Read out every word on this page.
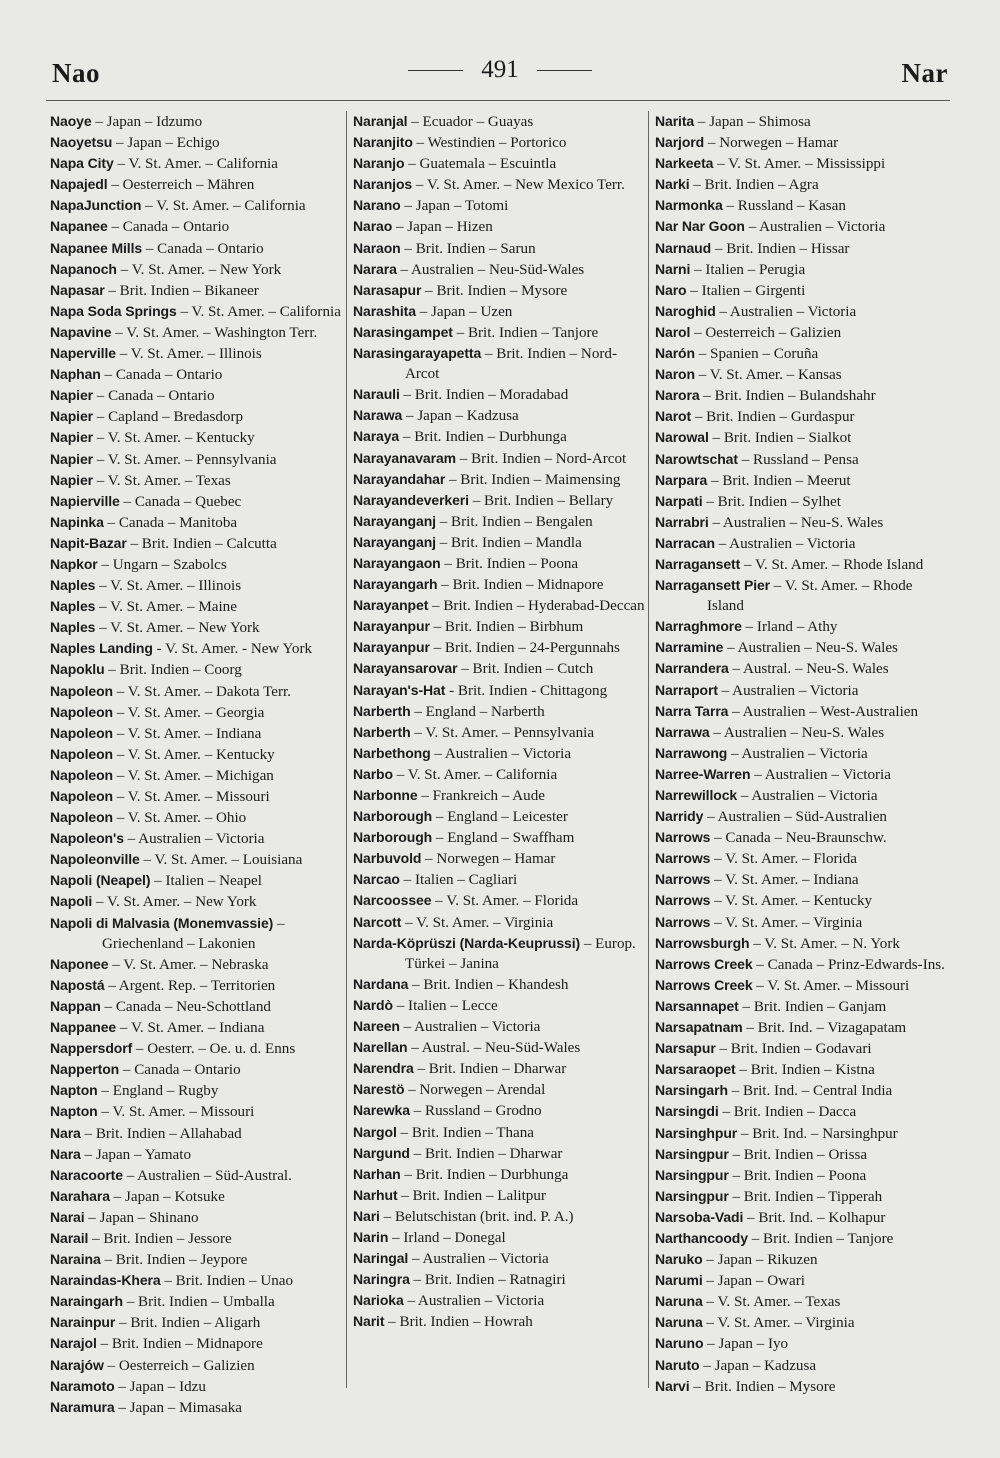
Nao	491	Nar
Naoye – Japan – Idzumo
Naoyetsu – Japan – Echigo
Napa City – V. St. Amer. – California
Napajedl – Oesterreich – Mähren
NapaJunction – V. St. Amer. – California
Napanee – Canada – Ontario
Napanee Mills – Canada – Ontario
Napanoch – V. St. Amer. – New York
Napasar – Brit. Indien – Bikaneer
Napa Soda Springs – V. St. Amer. – California
Napavine – V. St. Amer. – Washington Terr.
Naperville – V. St. Amer. – Illinois
Naphan – Canada – Ontario
Napier – Canada – Ontario
Napier – Capland – Bredasdorp
Napier – V. St. Amer. – Kentucky
Napier – V. St. Amer. – Pennsylvania
Napier – V. St. Amer. – Texas
Napierville – Canada – Quebec
Napinka – Canada – Manitoba
Napit-Bazar – Brit. Indien – Calcutta
Napkor – Ungarn – Szabolcs
Naples – V. St. Amer. – Illinois
Naples – V. St. Amer. – Maine
Naples – V. St. Amer. – New York
Naples Landing - V. St. Amer. - New York
Napoklu – Brit. Indien – Coorg
Napoleon – V. St. Amer. – Dakota Terr.
Napoleon – V. St. Amer. – Georgia
Napoleon – V. St. Amer. – Indiana
Napoleon – V. St. Amer. – Kentucky
Napoleon – V. St. Amer. – Michigan
Napoleon – V. St. Amer. – Missouri
Napoleon – V. St. Amer. – Ohio
Napoleon's – Australien – Victoria
Napoleonville – V. St. Amer. – Louisiana
Napoli (Neapel) – Italien – Neapel
Napoli – V. St. Amer. – New York
Napoli di Malvasia (Monemvassie) – Griechenland – Lakonien
Naponee – V. St. Amer. – Nebraska
Napostá – Argent. Rep. – Territorien
Nappan – Canada – Neu-Schottland
Nappanee – V. St. Amer. – Indiana
Nappersdorf – Oesterr. – Oe. u. d. Enns
Napperton – Canada – Ontario
Napton – England – Rugby
Napton – V. St. Amer. – Missouri
Nara – Brit. Indien – Allahabad
Nara – Japan – Yamato
Naracoorte – Australien – Süd-Austral.
Narahara – Japan – Kotsuke
Narai – Japan – Shinano
Narail – Brit. Indien – Jessore
Naraina – Brit. Indien – Jeypore
Naraindas-Khera – Brit. Indien – Unao
Naraingarh – Brit. Indien – Umballa
Narainpur – Brit. Indien – Aligarh
Narajol – Brit. Indien – Midnapore
Narajów – Oesterreich – Galizien
Naramoto – Japan – Idzu
Naramura – Japan – Mimasaka
Naranjal – Ecuador – Guayas
Naranjito – Westindien – Portorico
Naranjo – Guatemala – Escuintla
Naranjos – V. St. Amer. – New Mexico Terr.
Narano – Japan – Totomi
Narao – Japan – Hizen
Naraon – Brit. Indien – Sarun
Narara – Australien – Neu-Süd-Wales
Narasapur – Brit. Indien – Mysore
Narashita – Japan – Uzen
Narasingampet – Brit. Indien – Tanjore
Narasingarayapetta – Brit. Indien – Nord-Arcot
Narauli – Brit. Indien – Moradabad
Narawa – Japan – Kadzusa
Naraya – Brit. Indien – Durbhunga
Narayanavaram – Brit. Indien – Nord-Arcot
Narayandahar – Brit. Indien – Maimensing
Narayandeverkeri – Brit. Indien – Bellary
Narayanganj – Brit. Indien – Bengalen
Narayanganj – Brit. Indien – Mandla
Narayangaon – Brit. Indien – Poona
Narayangarh – Brit. Indien – Midnapore
Narayanpet – Brit. Indien – Hyderabad-Deccan
Narayanpur – Brit. Indien – Birbhum
Narayanpur – Brit. Indien – 24-Pergunnahs
Narayansarovar – Brit. Indien – Cutch
Narayan's-Hat - Brit. Indien - Chittagong
Narberth – England – Narberth
Narberth – V. St. Amer. – Pennsylvania
Narbethong – Australien – Victoria
Narbo – V. St. Amer. – California
Narbonne – Frankreich – Aude
Narborough – England – Leicester
Narborough – England – Swaffham
Narbuvold – Norwegen – Hamar
Narcao – Italien – Cagliari
Narcoossee – V. St. Amer. – Florida
Narcott – V. St. Amer. – Virginia
Narda-Köprüszi (Narda-Keuprussi) – Europ. Türkei – Janina
Nardana – Brit. Indien – Khandesh
Nardò – Italien – Lecce
Nareen – Australien – Victoria
Narellan – Austral. – Neu-Süd-Wales
Narendra – Brit. Indien – Dharwar
Narestö – Norwegen – Arendal
Narewka – Russland – Grodno
Nargol – Brit. Indien – Thana
Nargund – Brit. Indien – Dharwar
Narhan – Brit. Indien – Durbhunga
Narhut – Brit. Indien – Lalitpur
Nari – Belutschistan (brit. ind. P. A.)
Narin – Irland – Donegal
Naringal – Australien – Victoria
Naringra – Brit. Indien – Ratnagiri
Narioka – Australien – Victoria
Narit – Brit. Indien – Howrah
Narita – Japan – Shimosa
Narjord – Norwegen – Hamar
Narkeeta – V. St. Amer. – Mississippi
Narki – Brit. Indien – Agra
Narmonka – Russland – Kasan
Nar Nar Goon – Australien – Victoria
Narnaud – Brit. Indien – Hissar
Narni – Italien – Perugia
Naro – Italien – Girgenti
Naroghid – Australien – Victoria
Narol – Oesterreich – Galizien
Narón – Spanien – Coruña
Naron – V. St. Amer. – Kansas
Narora – Brit. Indien – Bulandshahr
Narot – Brit. Indien – Gurdaspur
Narowal – Brit. Indien – Sialkot
Narowtschat – Russland – Pensa
Narpara – Brit. Indien – Meerut
Narpati – Brit. Indien – Sylhet
Narrabri – Australien – Neu-S. Wales
Narracan – Australien – Victoria
Narragansett – V. St. Amer. – Rhode Island
Narragansett Pier – V. St. Amer. – Rhode Island
Narraghmore – Irland – Athy
Narramine – Australien – Neu-S. Wales
Narrandera – Austral. – Neu-S. Wales
Narraport – Australien – Victoria
Narra Tarra – Australien – West-Australien
Narrawa – Australien – Neu-S. Wales
Narrawong – Australien – Victoria
Narree-Warren – Australien – Victoria
Narrewillock – Australien – Victoria
Narridy – Australien – Süd-Australien
Narrows – Canada – Neu-Braunschw.
Narrows – V. St. Amer. – Florida
Narrows – V. St. Amer. – Indiana
Narrows – V. St. Amer. – Kentucky
Narrows – V. St. Amer. – Virginia
Narrowsburgh – V. St. Amer. – N. York
Narrows Creek – Canada – Prinz-Edwards-Ins.
Narrows Creek – V. St. Amer. – Missouri
Narsannapet – Brit. Indien – Ganjam
Narsapatnam – Brit. Ind. – Vizagapatam
Narsapur – Brit. Indien – Godavari
Narsaraopet – Brit. Indien – Kistna
Narsingarh – Brit. Ind. – Central India
Narsingdi – Brit. Indien – Dacca
Narsinghpur – Brit. Ind. – Narsinghpur
Narsingpur – Brit. Indien – Orissa
Narsingpur – Brit. Indien – Poona
Narsingpur – Brit. Indien – Tipperah
Narsoba-Vadi – Brit. Ind. – Kolhapur
Narthancoody – Brit. Indien – Tanjore
Naruko – Japan – Rikuzen
Narumi – Japan – Owari
Naruna – V. St. Amer. – Texas
Naruna – V. St. Amer. – Virginia
Naruno – Japan – Iyo
Naruto – Japan – Kadzusa
Narvi – Brit. Indien – Mysore
